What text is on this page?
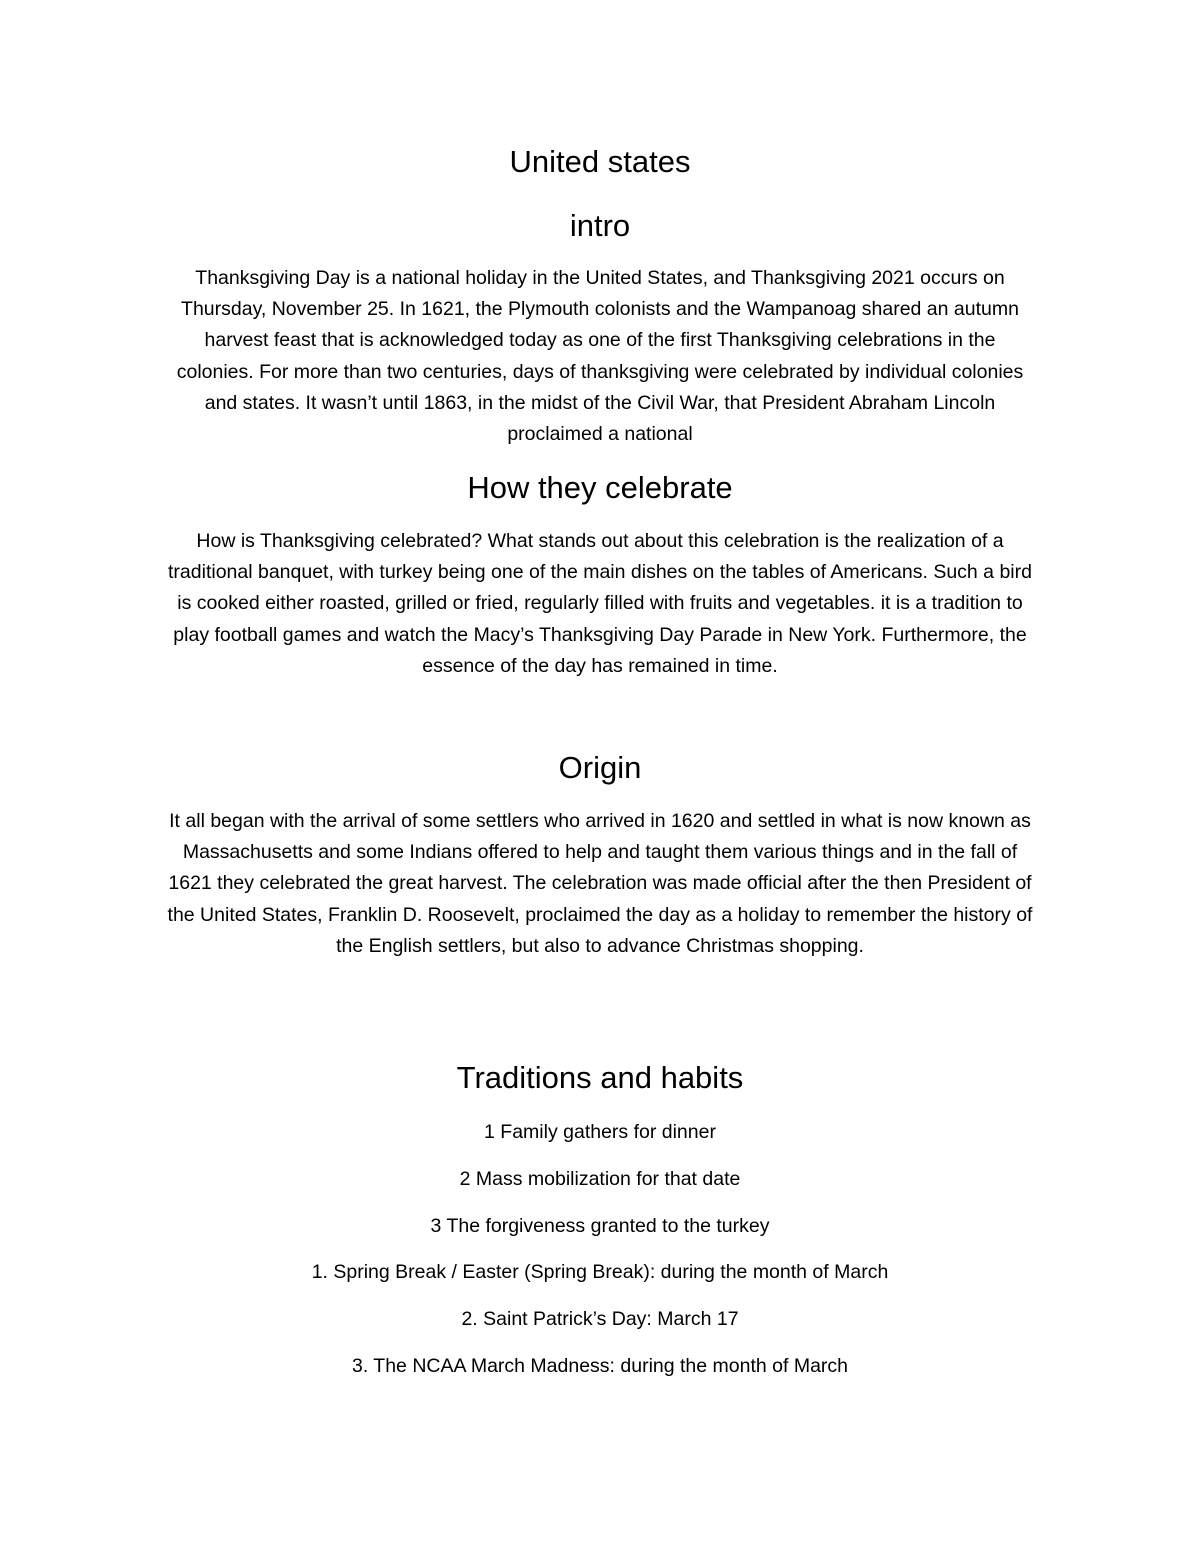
United states
intro

Thanksgiving Day is a national holiday in the United States, and Thanksgiving 2021 occurs on Thursday, November 25. In 1621, the Plymouth colonists and the Wampanoag shared an autumn harvest feast that is acknowledged today as one of the first Thanksgiving celebrations in the colonies. For more than two centuries, days of thanksgiving were celebrated by individual colonies and states. It wasn’t until 1863, in the midst of the Civil War, that President Abraham Lincoln proclaimed a national

How they celebrate

How is Thanksgiving celebrated? What stands out about this celebration is the realization of a traditional banquet, with turkey being one of the main dishes on the tables of Americans. Such a bird is cooked either roasted, grilled or fried, regularly filled with fruits and vegetables. it is a tradition to play football games and watch the Macy’s Thanksgiving Day Parade in New York. Furthermore, the essence of the day has remained in time.

Origin

It all began with the arrival of some settlers who arrived in 1620 and settled in what is now known as Massachusetts and some Indians offered to help and taught them various things and in the fall of 1621 they celebrated the great harvest. The celebration was made official after the then President of the United States, Franklin D. Roosevelt, proclaimed the day as a holiday to remember the history of the English settlers, but also to advance Christmas shopping.

Traditions and habits

1 Family gathers for dinner

2 Mass mobilization for that date

3 The forgiveness granted to the turkey

1. Spring Break / Easter (Spring Break): during the month of March

2. Saint Patrick’s Day: March 17

3. The NCAA March Madness: during the month of March
